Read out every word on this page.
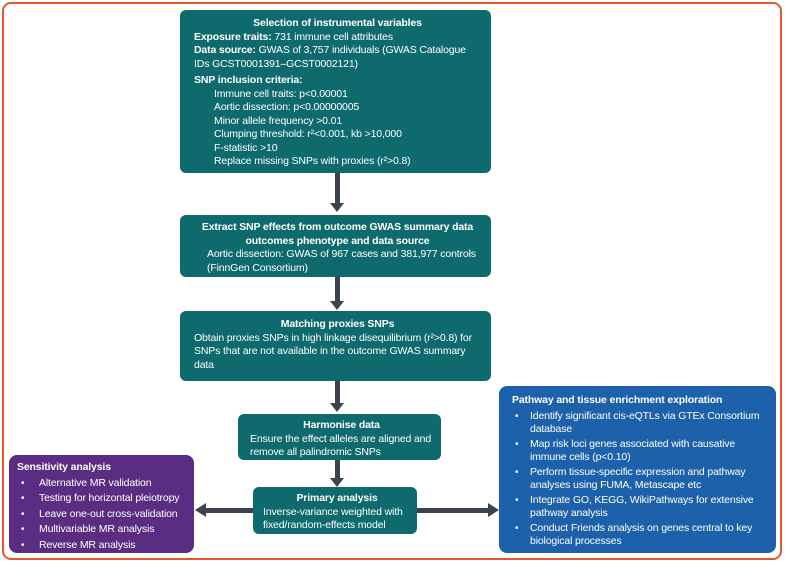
Selection of instrumental variables
Exposure traits: 731 immune cell attributes
Data source: GWAS of 3,757 individuals (GWAS Catalogue IDs GCST0001391–GCST0002121)
SNP inclusion criteria:
Immune cell traits: p<0.00001
Aortic dissection: p<0.00000005
Minor allele frequency >0.01
Clumping threshold: r²<0.001, kb >10,000
F-statistic >10
Replace missing SNPs with proxies (r²>0.8)
Extract SNP effects from outcome GWAS summary data
outcomes phenotype and data source
Aortic dissection: GWAS of 967 cases and 381,977 controls (FinnGen Consortium)
Matching proxies SNPs
Obtain proxies SNPs in high linkage disequilibrium (r²>0.8) for SNPs that are not available in the outcome GWAS summary data
Harmonise data
Ensure the effect alleles are aligned and remove all palindromic SNPs
Primary analysis
Inverse-variance weighted with fixed/random-effects model
Sensitivity analysis
• Alternative MR validation
• Testing for horizontal pleiotropy
• Leave one-out cross-validation
• Multivariable MR analysis
• Reverse MR analysis
Pathway and tissue enrichment exploration
• Identify significant cis-eQTLs via GTEx Consortium database
• Map risk loci genes associated with causative immune cells (p<0.10)
• Perform tissue-specific expression and pathway analyses using FUMA, Metascape etc
• Integrate GO, KEGG, WikiPathways for extensive pathway analysis
• Conduct Friends analysis on genes central to key biological processes
